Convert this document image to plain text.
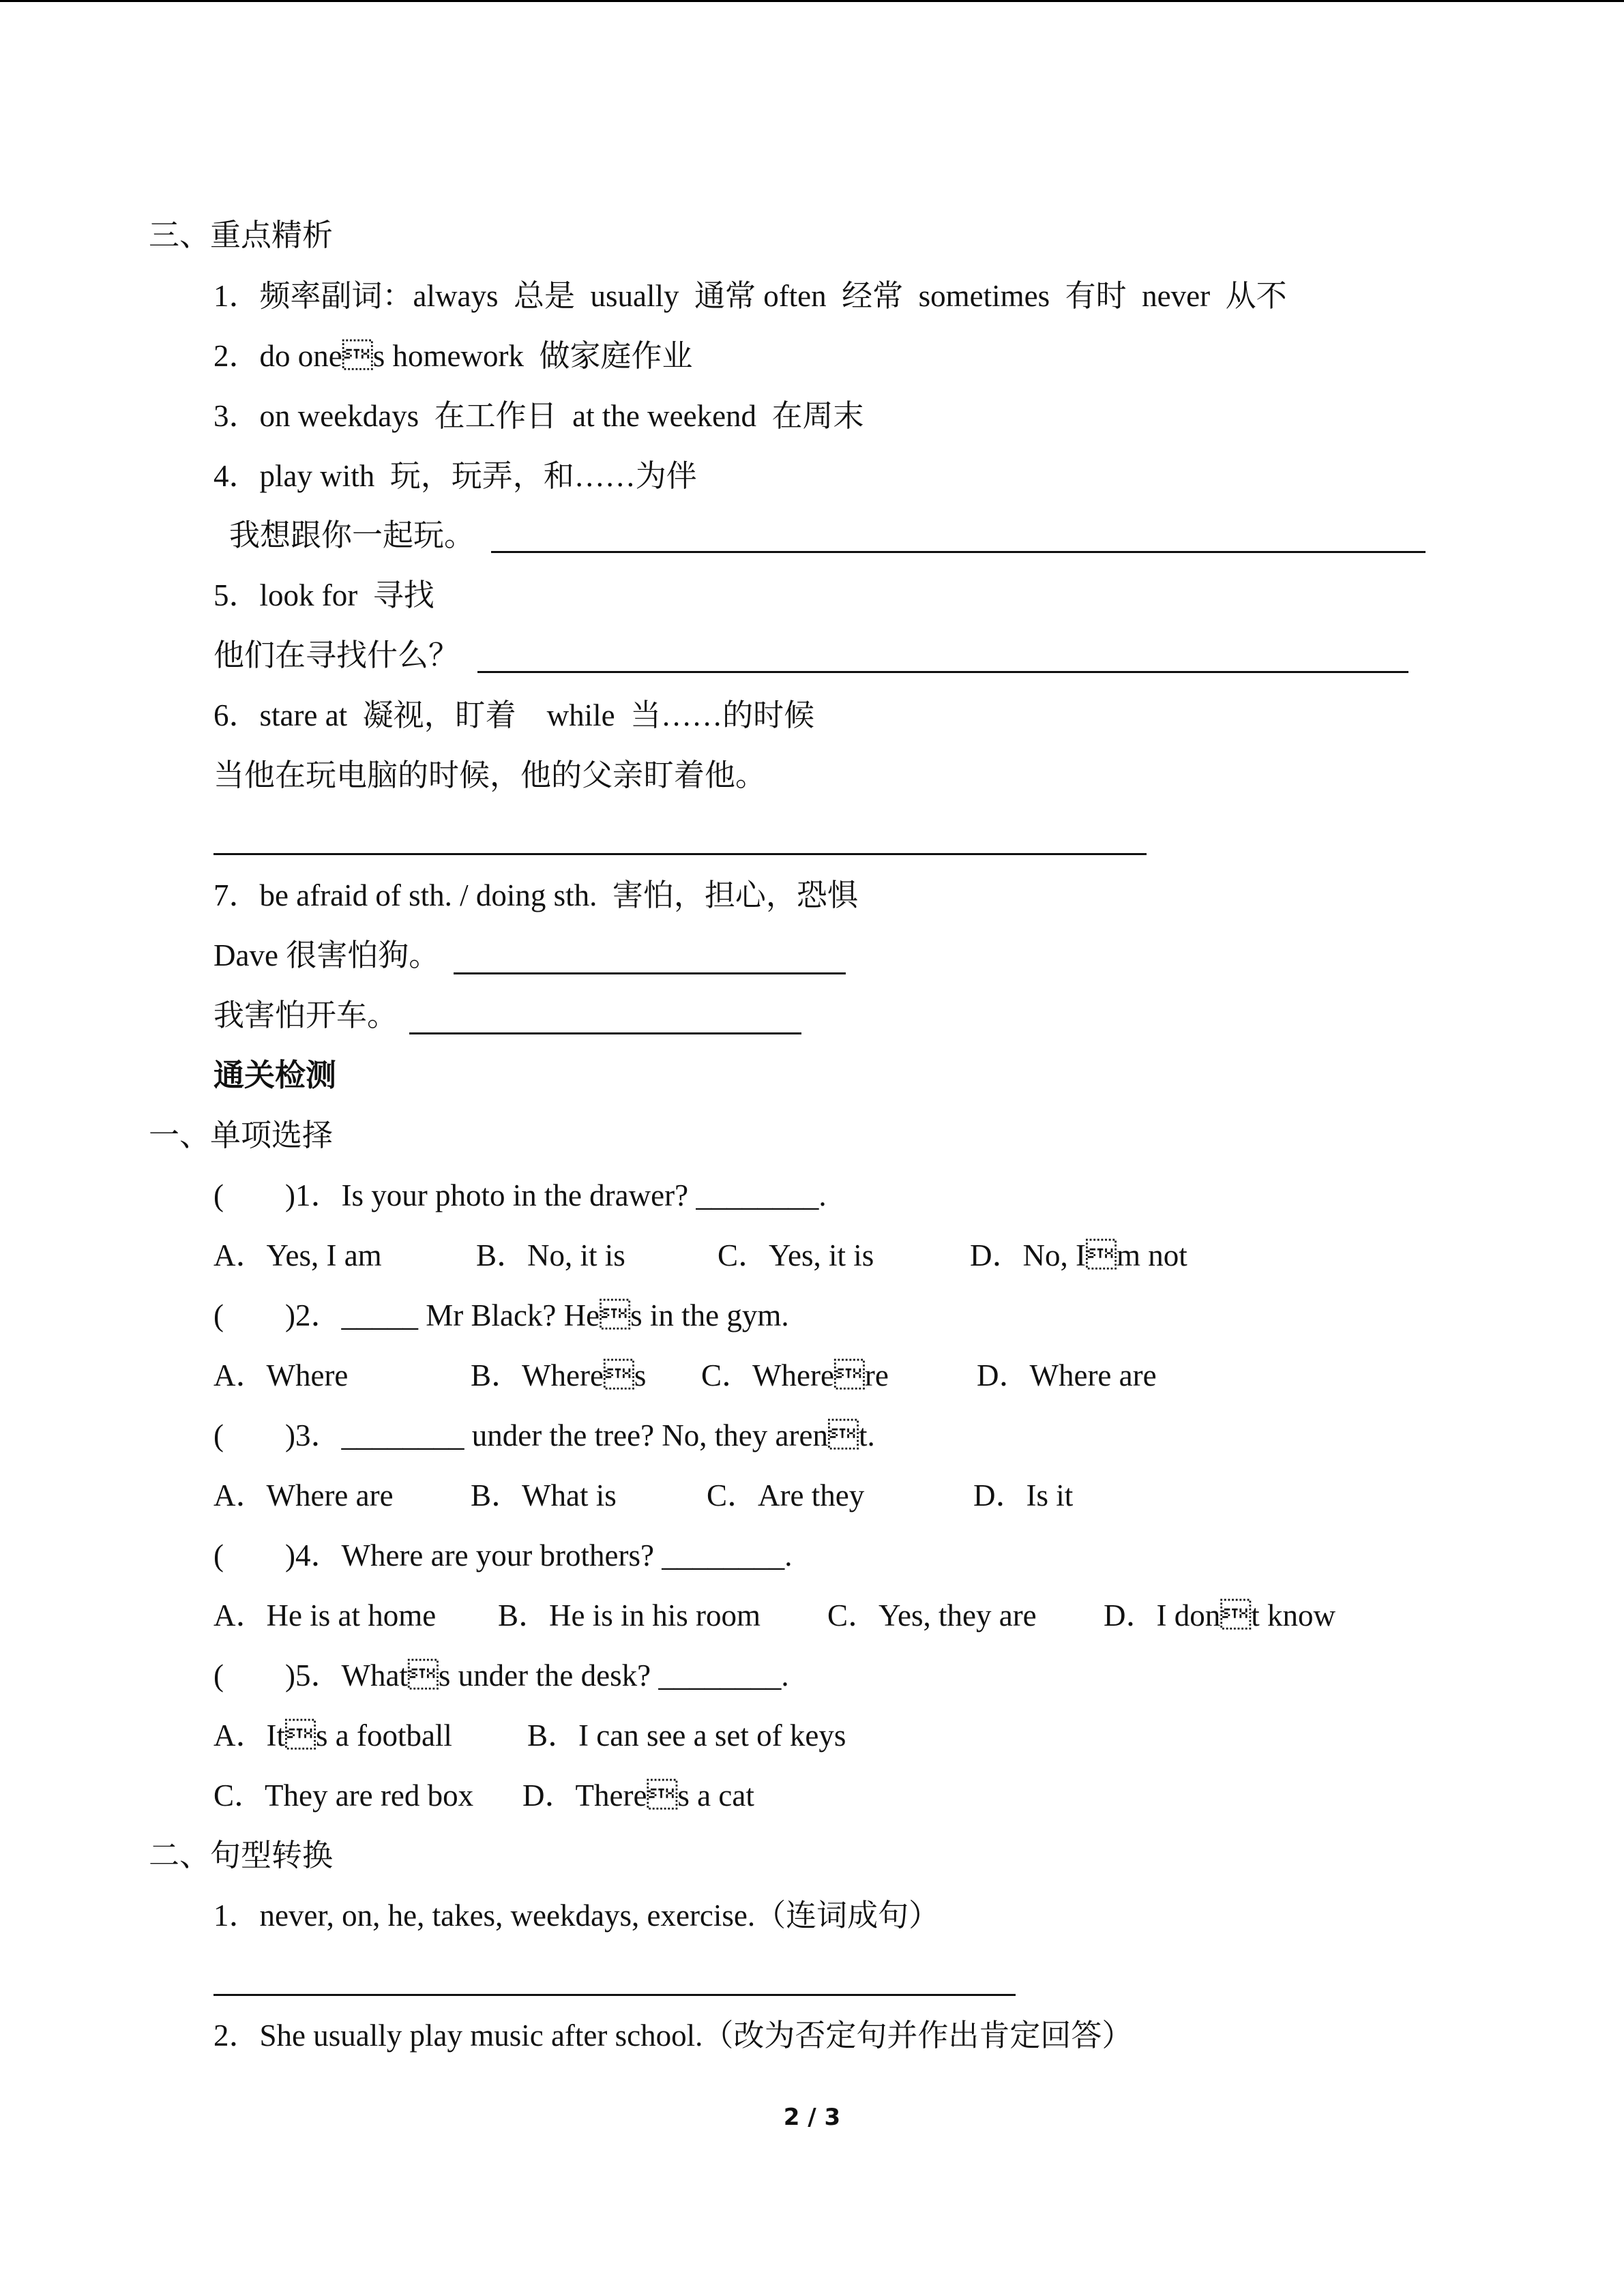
三、重点精析
1．频率副词：always  总是  usually  通常 often  经常  sometimes  有时  never  从不
2．do ones homework  做家庭作业
3．on weekdays  在工作日  at the weekend  在周末
4．play with  玩，玩弄，和……为伴
我想跟你一起玩。
5．look for  寻找
他们在寻找什么？
6．stare at  凝视，盯着    while  当……的时候
当他在玩电脑的时候，他的父亲盯着他。
7．be afraid of sth. / doing sth.  害怕，担心，恐惧
Dave 很害怕狗。
我害怕开车。
通关检测
一、单项选择
(        )1．Is your photo in the drawer? ________.
A．Yes, I am	B．No, it is	C．Yes, it is	D．No, Im not
(        )2．_____ Mr Black? Hes in the gym.
A．Where	B．Wheres C．Wherere	D．Where are
(        )3．________ under the tree? No, they arent.
A．Where are	B．What is	C．Are they	D．Is it
(        )4．Where are your brothers? ________.
A．He is at home B．He is in his room C．Yes, they are D．I dont know
(        )5．Whats under the desk? ________.
A．Its a football B．I can see a set of keys
C．They are red box D．Theres a cat
二、句型转换
1．never, on, he, takes, weekdays, exercise.（连词成句）
2．She usually play music after school.（改为否定句并作出肯定回答）
2 / 3
